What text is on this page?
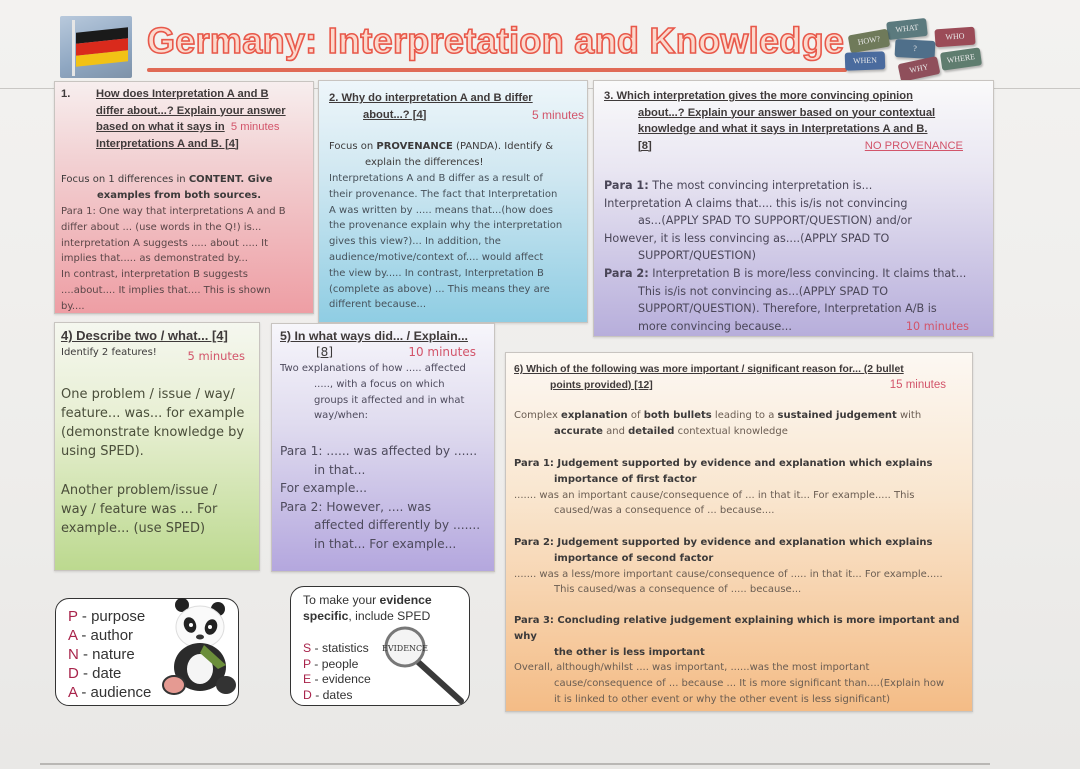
Germany: Interpretation and Knowledge	WHAT
HOW?	WHO
?
WHEN	WHERE
WHY
1. How does Interpretation A and B
differ about...? Explain your answer
based on what it says in 5 minutes
Interpretations A and B. [4]
Focus on 1 differences in CONTENT. Give
examples from both sources.
Para 1: One way that interpretations A and B
differ about ... (use words in the Q!) is...
interpretation A suggests ..... about ..... It
implies that..... as demonstrated by...
In contrast, interpretation B suggests
....about.... It implies that.... This is shown
by....
2. Why do interpretation A and B differ
about...? [4]	5 minutes
Focus on PROVENANCE (PANDA). Identify &
explain the differences!
Interpretations A and B differ as a result of
their provenance. The fact that Interpretation
A was written by ..... means that...(how does
the provenance explain why the interpretation
gives this view?)... In addition, the
audience/motive/context of.... would affect
the view by..... In contrast, Interpretation B
(complete as above) ... This means they are
different because...
3. Which interpretation gives the more convincing opinion
about...? Explain your answer based on your contextual
knowledge and what it says in Interpretations A and B.
[8]	NO PROVENANCE
Para 1: The most convincing interpretation is...
Interpretation A claims that.... this is/is not convincing
as...(APPLY SPAD TO SUPPORT/QUESTION) and/or
However, it is less convincing as....(APPLY SPAD TO
SUPPORT/QUESTION)
Para 2: Interpretation B is more/less convincing. It claims that...
This is/is not convincing as...(APPLY SPAD TO
SUPPORT/QUESTION). Therefore, Interpretation A/B is
more convincing because...	10 minutes
4) Describe two / what... [4]
Identify 2 features!	5 minutes
One problem / issue / way/
feature... was... for example
(demonstrate knowledge by
using SPED).
Another problem/issue /
way / feature was ... For
example... (use SPED)
5) In what ways did... / Explain...
[8]	10 minutes
Two explanations of how ..... affected
....., with a focus on which
groups it affected and in what
way/when:
Para 1: ...... was affected by ......
in that...
For example...
Para 2: However, .... was
affected differently by .......
in that... For example...
6) Which of the following was more important / significant reason for... (2 bullet
points provided) [12]	15 minutes
Complex explanation of both bullets leading to a sustained judgement with
accurate and detailed contextual knowledge
Para 1: Judgement supported by evidence and explanation which explains
importance of first factor
....... was an important cause/consequence of ... in that it... For example..... This
caused/was a consequence of ... because....
Para 2: Judgement supported by evidence and explanation which explains
importance of second factor
....... was a less/more important cause/consequence of ..... in that it... For example.....
This caused/was a consequence of ..... because...
Para 3: Concluding relative judgement explaining which is more important and why
the other is less important
Overall, although/whilst .... was important, ......was the most important
cause/consequence of ... because ... It is more significant than....(Explain how
it is linked to other event or why the other event is less significant)
P - purpose
A - author
N - nature
D - date
A - audience
To make your evidence
specific, include SPED
S - statistics
P - people
E - evidence
D - dates
EVIDENCE
